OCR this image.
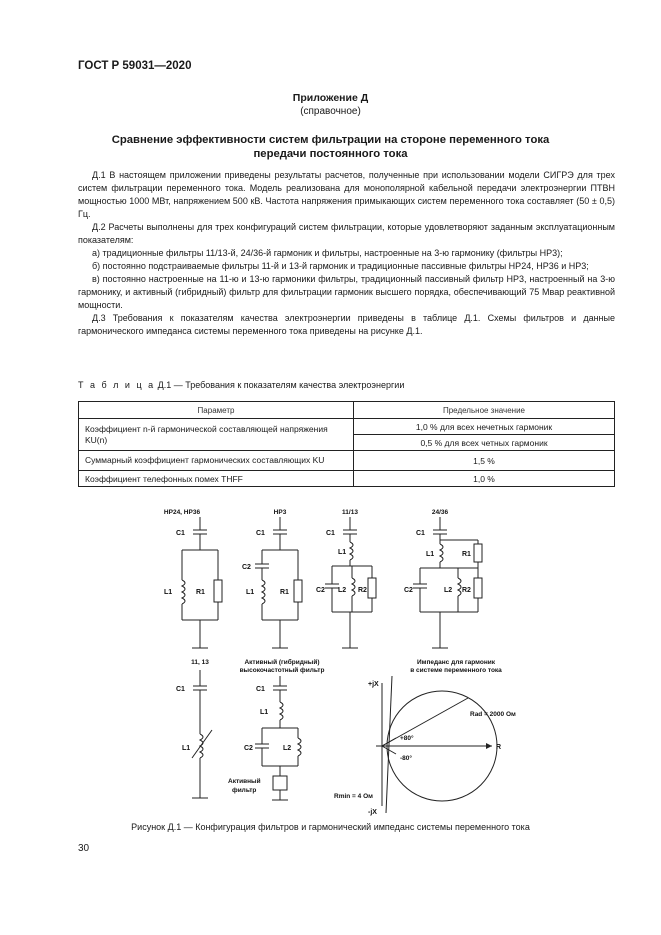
ГОСТ Р 59031—2020
Приложение Д
(справочное)
Сравнение эффективности систем фильтрации на стороне переменного тока
передачи постоянного тока

Д.1 В настоящем приложении приведены результаты расчетов, полученные при использовании модели СИГРЭ для трех систем фильтрации переменного тока. Модель реализована для монополярной кабельной передачи электроэнергии ПТВН мощностью 1000 МВт, напряжением 500 кВ. Частота напряжения примыкающих систем переменного тока составляет (50 ± 0,5) Гц.

Д.2 Расчеты выполнены для трех конфигураций систем фильтрации, которые удовлетворяют заданным эксплуатационным показателям:

а) традиционные фильтры 11/13-й, 24/36-й гармоник и фильтры, настроенные на 3-ю гармонику (фильтры НР3);

б) постоянно подстраиваемые фильтры 11-й и 13-й гармоник и традиционные пассивные фильтры НР24, НР36 и НР3;

в) постоянно настроенные на 11-ю и 13-ю гармоники фильтры, традиционный пассивный фильтр НР3, настроенный на 3-ю гармонику, и активный (гибридный) фильтр для фильтрации гармоник высшего порядка, обеспечивающий 75 Мвар реактивной мощности.

Д.3 Требования к показателям качества электроэнергии приведены в таблице Д.1. Схемы фильтров и данные гармонического импеданса системы переменного тока приведены на рисунке Д.1.

Т а б л и ц а Д.1 — Требования к показателям качества электроэнергии
Параметр	Предельное значение
Коэффициент n-й гармонической составляющей напряжения KU(n)	1,0 % для всех нечетных гармоник
	0,5 % для всех четных гармоник
Суммарный коэффициент гармонических составляющих KU	1,5 %
Коэффициент телефонных помех THFF	1,0 %
НР24, НР36	НР3	11/13	24/36
С1
L1	R1
С1
С2
L1	R1
С1
L1
С2 L2 R2
С1
L1	R1
С2	L2 R2
11, 13	Активный (гибридный)
высокочастотный фильтр
Импеданс для гармоник
в системе переменного тока
С1
L1
С1
L1
С2	L2
Активный
фильтр
+jX
-jX
R
Rad = 2000 Ом
+80°
-80°
Rmin = 4 Ом
Рисунок Д.1 — Конфигурация фильтров и гармонический импеданс системы переменного тока
30
